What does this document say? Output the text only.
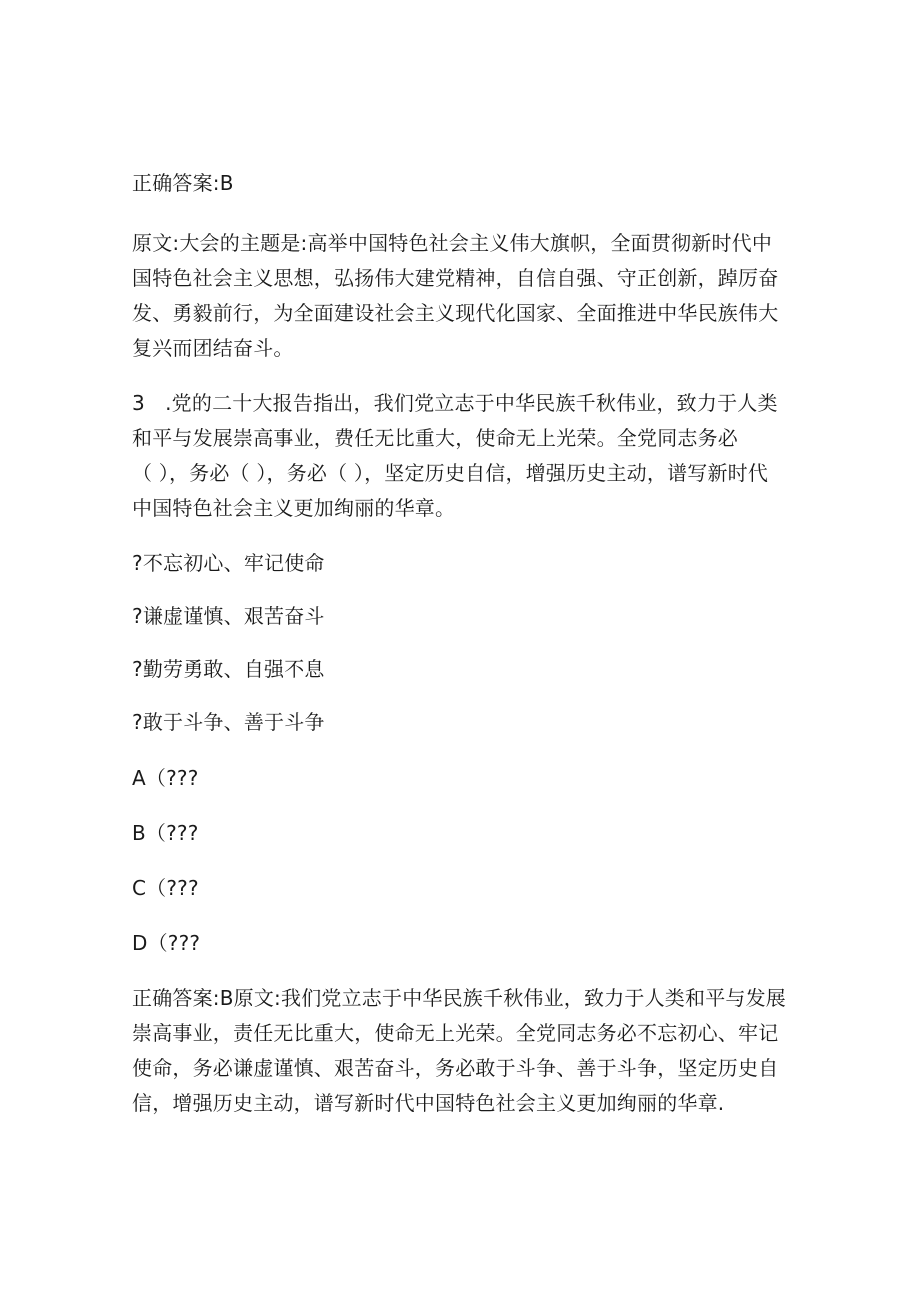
正确答案:B
原文:大会的主题是:高举中国特色社会主义伟大旗帜，全面贯彻新时代中
国特色社会主义思想，弘扬伟大建党精神，自信自强、守正创新，踔厉奋
发、勇毅前行，为全面建设社会主义现代化国家、全面推进中华民族伟大
复兴而团结奋斗。
3　.党的二十大报告指出，我们党立志于中华民族千秋伟业，致力于人类
和平与发展崇高事业，费任无比重大，使命无上光荣。全党同志务必
（ ），务必（ ），务必（ ），坚定历史自信，增强历史主动，谱写新时代
中国特色社会主义更加绚丽的华章。
?不忘初心、牢记使命
?谦虚谨慎、艰苦奋斗
?勤劳勇敢、自强不息
?敢于斗争、善于斗争
A（???
B（???
C（???
D（???
正确答案:B原文:我们党立志于中华民族千秋伟业，致力于人类和平与发展
崇高事业，责任无比重大，使命无上光荣。全党同志务必不忘初心、牢记
使命，务必谦虚谨慎、艰苦奋斗，务必敢于斗争、善于斗争，坚定历史自
信，增强历史主动，谱写新时代中国特色社会主义更加绚丽的华章.
